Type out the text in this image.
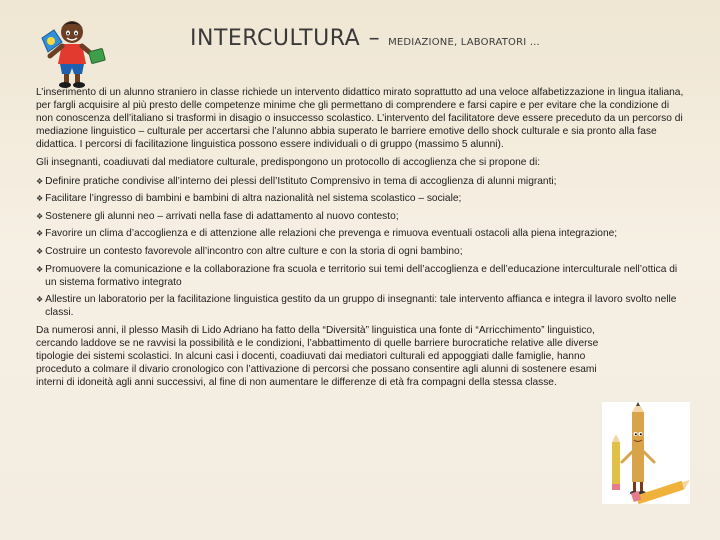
INTERCULTURA – MEDIAZIONE, LABORATORI …

L’inserimento di un alunno straniero in classe richiede un intervento didattico mirato soprattutto ad una veloce alfabetizzazione in lingua italiana, per fargli acquisire al più presto delle competenze minime che gli permettano di comprendere e farsi capire e per evitare che la condizione di non conoscenza dell’italiano si trasformi in disagio o insuccesso scolastico. L’intervento del facilitatore deve essere preceduto da un percorso di mediazione linguistico – culturale per accertarsi che l’alunno abbia superato le barriere emotive dello shock culturale e sia pronto alla fase didattica. I percorsi di facilitazione linguistica possono essere individuali o di gruppo (massimo 5 alunni).

Gli insegnanti, coadiuvati dal mediatore culturale, predispongono un protocollo di accoglienza che si propone di:

❖ Definire pratiche condivise all’interno dei plessi dell’Istituto Comprensivo in tema di accoglienza di alunni migranti;
❖ Facilitare l’ingresso di bambini e bambini di altra nazionalità nel sistema scolastico – sociale;
❖ Sostenere gli alunni neo – arrivati nella fase di adattamento al nuovo contesto;
❖ Favorire un clima d’accoglienza e di attenzione alle relazioni che prevenga e rimuova eventuali ostacoli alla piena integrazione;
❖ Costruire un contesto favorevole all’incontro con altre culture e con la storia di ogni bambino;
❖ Promuovere la comunicazione e la collaborazione fra scuola e territorio sui temi dell’accoglienza e dell’educazione interculturale nell’ottica di un sistema formativo integrato
❖ Allestire un laboratorio per la facilitazione linguistica gestito da un gruppo di insegnanti: tale intervento affianca e integra il lavoro svolto nelle classi.

Da numerosi anni, il plesso Masih di Lido Adriano ha fatto della “Diversità” linguistica una fonte di “Arricchimento” linguistico, cercando laddove se ne ravvisi la possibilità e le condizioni, l’abbattimento di quelle barriere burocratiche relative alle diverse tipologie dei sistemi scolastici. In alcuni casi i docenti, coadiuvati dai mediatori culturali ed appoggiati dalle famiglie, hanno proceduto a colmare il divario cronologico con l’attivazione di percorsi che possano consentire agli alunni di sostenere esami interni di idoneità agli anni successivi, al fine di non aumentare le differenze di età fra compagni della stessa classe.
